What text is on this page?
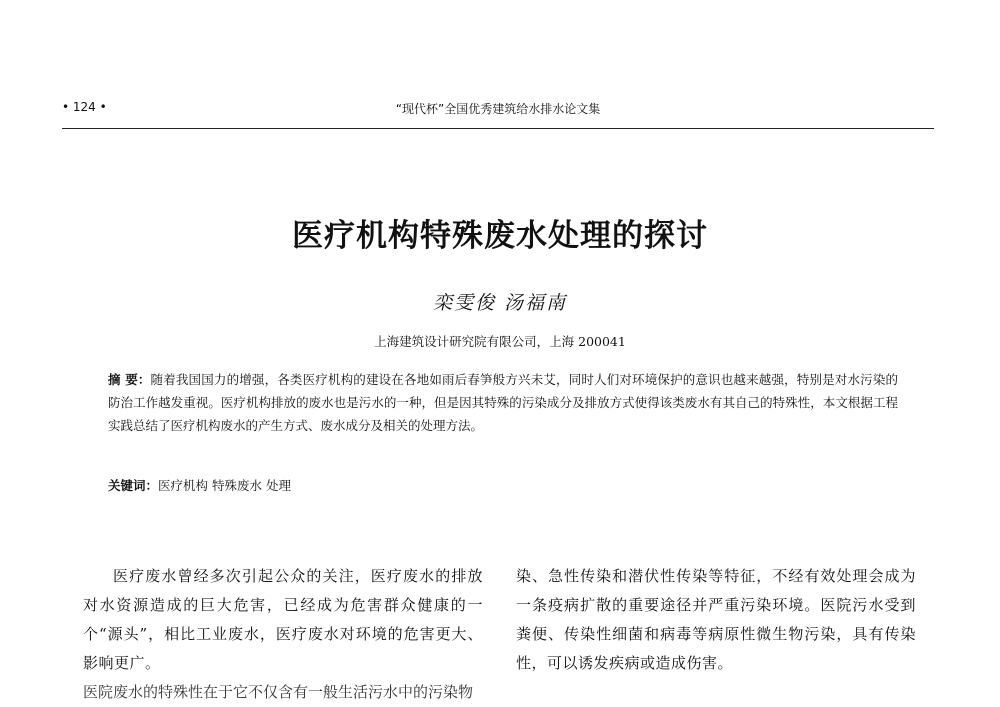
• 124 •	“现代杯”全国优秀建筑给水排水论文集
医疗机构特殊废水处理的探讨
栾雯俊 汤福南
上海建筑设计研究院有限公司，上海 200041
摘 要：随着我国国力的增强，各类医疗机构的建设在各地如雨后春笋般方兴未艾，同时人们对环境保护的意识也越来越强，特别是对水污染的防治工作越发重视。医疗机构排放的废水也是污水的一种，但是因其特殊的污染成分及排放方式使得该类废水有其自己的特殊性，本文根据工程实践总结了医疗机构废水的产生方式、废水成分及相关的处理方法。
关键词：医疗机构 特殊废水 处理

医疗废水曾经多次引起公众的关注，医疗废水的排放对水资源造成的巨大危害，已经成为危害群众健康的一个“源头”，相比工业废水，医疗废水对环境的危害更大、影响更广。

染、急性传染和潜伏性传染等特征，不经有效处理会成为一条疫病扩散的重要途径并严重污染环境。医院污水受到粪便、传染性细菌和病毒等病原性微生物污染，具有传染性，可以诱发疾病或造成伤害。

医院废水的特殊性在于它不仅含有一般生活污水中的污染物
